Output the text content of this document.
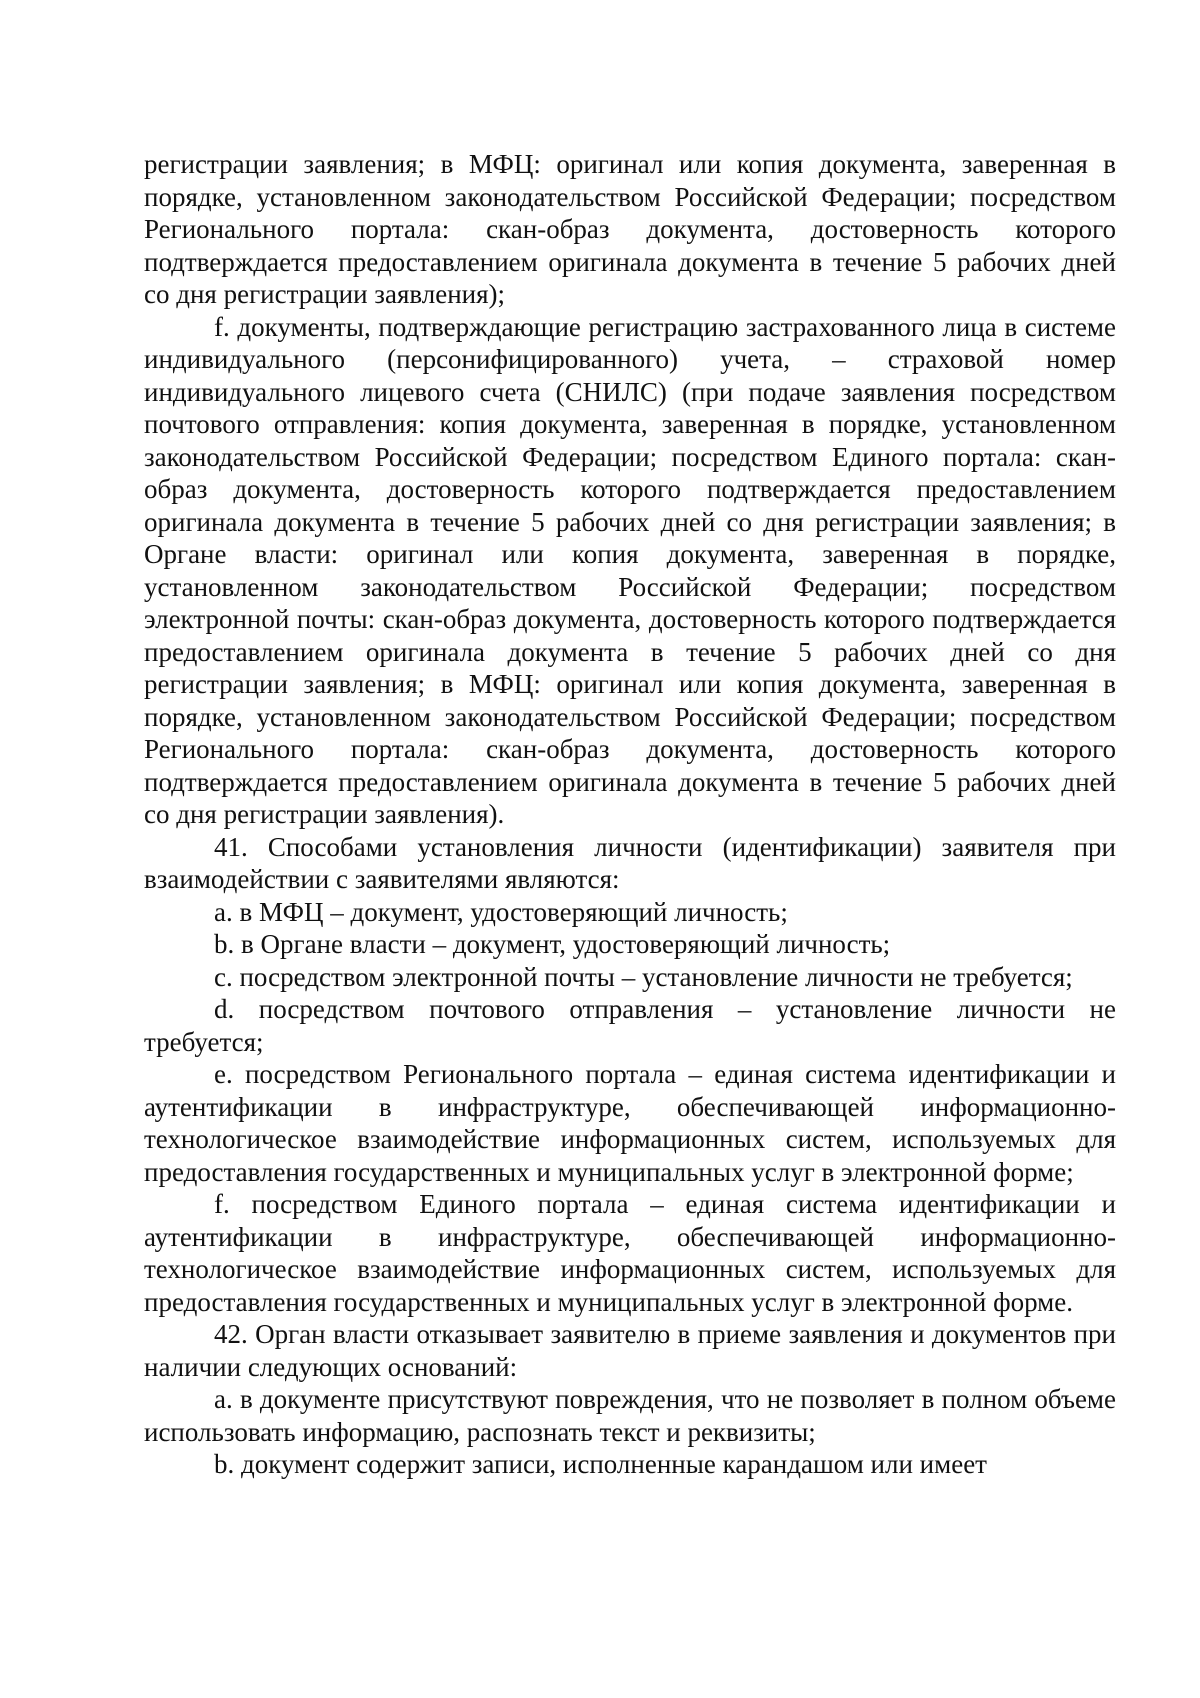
регистрации заявления; в МФЦ: оригинал или копия документа, заверенная в порядке, установленном законодательством Российской Федерации; посредством Регионального портала: скан-образ документа, достоверность которого подтверждается предоставлением оригинала документа в течение 5 рабочих дней со дня регистрации заявления);

f. документы, подтверждающие регистрацию застрахованного лица в системе индивидуального (персонифицированного) учета, – страховой номер индивидуального лицевого счета (СНИЛС) (при подаче заявления посредством почтового отправления: копия документа, заверенная в порядке, установленном законодательством Российской Федерации; посредством Единого портала: скан-образ документа, достоверность которого подтверждается предоставлением оригинала документа в течение 5 рабочих дней со дня регистрации заявления; в Органе власти: оригинал или копия документа, заверенная в порядке, установленном законодательством Российской Федерации; посредством электронной почты: скан-образ документа, достоверность которого подтверждается предоставлением оригинала документа в течение 5 рабочих дней со дня регистрации заявления; в МФЦ: оригинал или копия документа, заверенная в порядке, установленном законодательством Российской Федерации; посредством Регионального портала: скан-образ документа, достоверность которого подтверждается предоставлением оригинала документа в течение 5 рабочих дней со дня регистрации заявления).

41. Способами установления личности (идентификации) заявителя при взаимодействии с заявителями являются:

a. в МФЦ – документ, удостоверяющий личность;

b. в Органе власти – документ, удостоверяющий личность;

c. посредством электронной почты – установление личности не требуется;

d. посредством почтового отправления – установление личности не требуется;

e. посредством Регионального портала – единая система идентификации и аутентификации в инфраструктуре, обеспечивающей информационно-технологическое взаимодействие информационных систем, используемых для предоставления государственных и муниципальных услуг в электронной форме;

f. посредством Единого портала – единая система идентификации и аутентификации в инфраструктуре, обеспечивающей информационно-технологическое взаимодействие информационных систем, используемых для предоставления государственных и муниципальных услуг в электронной форме.

42. Орган власти отказывает заявителю в приеме заявления и документов при наличии следующих оснований:

a. в документе присутствуют повреждения, что не позволяет в полном объеме использовать информацию, распознать текст и реквизиты;

b. документ содержит записи, исполненные карандашом или имеет
